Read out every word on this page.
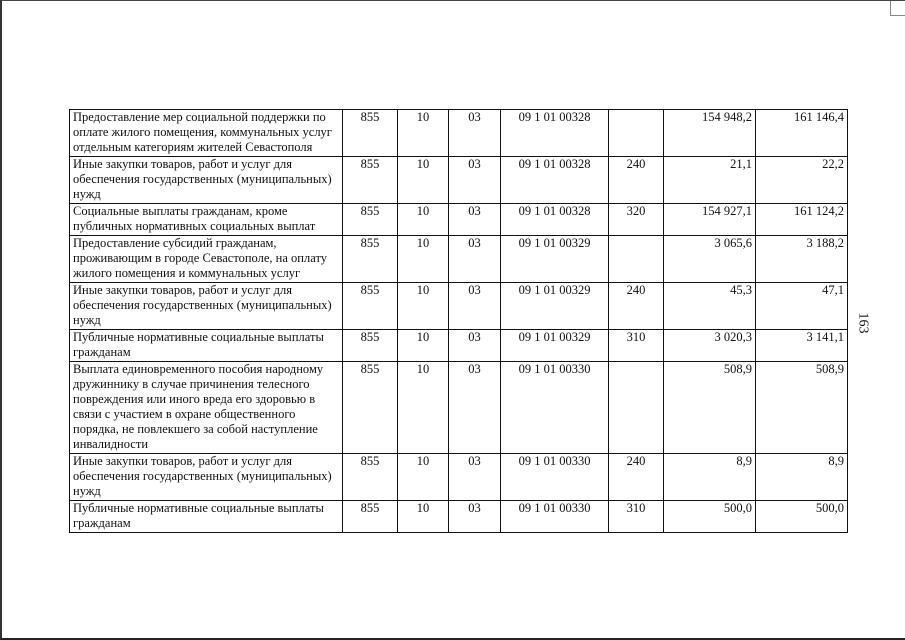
Предоставление мер социальной поддержки по оплате жилого помещения, коммунальных услуг отдельным категориям жителей Севастополя	855	10	03	09 1 01 00328		154 948,2	161 146,4
Иные закупки товаров, работ и услуг для обеспечения государственных (муниципальных) нужд	855	10	03	09 1 01 00328	240	21,1	22,2
Социальные выплаты гражданам, кроме публичных нормативных социальных выплат	855	10	03	09 1 01 00328	320	154 927,1	161 124,2
Предоставление субсидий гражданам, проживающим в городе Севастополе, на оплату жилого помещения и коммунальных услуг	855	10	03	09 1 01 00329		3 065,6	3 188,2
Иные закупки товаров, работ и услуг для обеспечения государственных (муниципальных) нужд	855	10	03	09 1 01 00329	240	45,3	47,1
Публичные нормативные социальные выплаты гражданам	855	10	03	09 1 01 00329	310	3 020,3	3 141,1
Выплата единовременного пособия народному дружиннику в случае причинения телесного повреждения или иного вреда его здоровью в связи с участием в охране общественного порядка, не повлекшего за собой наступление инвалидности	855	10	03	09 1 01 00330		508,9	508,9
Иные закупки товаров, работ и услуг для обеспечения государственных (муниципальных) нужд	855	10	03	09 1 01 00330	240	8,9	8,9
Публичные нормативные социальные выплаты гражданам	855	10	03	09 1 01 00330	310	500,0	500,0
163
